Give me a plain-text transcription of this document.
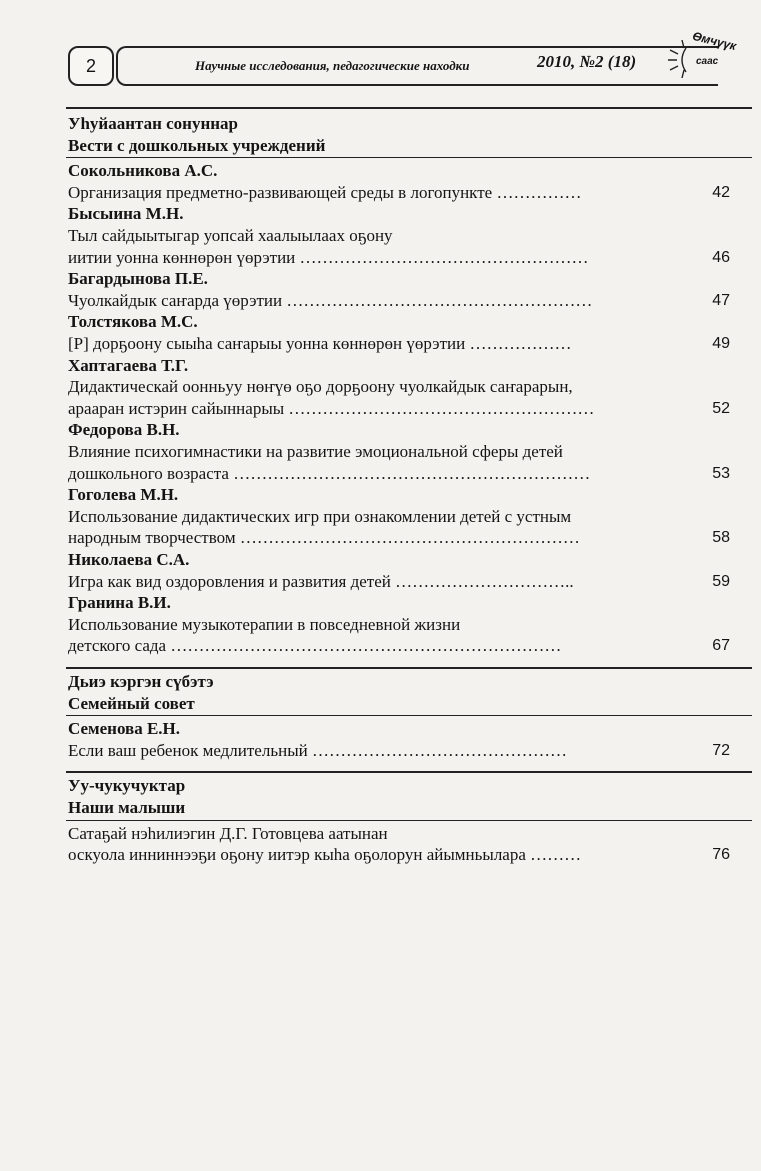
2	Научные исследования, педагогические находки	2010, №2 (18)
Өмчүүк
саас
Уһуйаантан сонуннар
Вести с дошкольных учреждений
Сокольникова А.С.
Организация предметно-развивающей среды в логопункте ……………	42
Бысыина М.Н.
Тыл сайдыытыгар уопсай хаалыылаах оҕону
иитии уонна көннөрөн үөрэтии ……………………………………………	46
Багардынова П.Е.
Чуолкайдык саҥарда үөрэтии ………………………………………………	47
Толстякова М.С.
[Р] дорҕоону сыыһа саҥарыы уонна көннөрөн үөрэтии ………………	49
Хаптагаева Т.Г.
Дидактическай оонньуу нөҥүө оҕо дорҕоону чуолкайдык саҥарарын,
арааран истэрин сайыннарыы ………………………………………………	52
Федорова В.Н.
Влияние психогимнастики на развитие эмоциональной сферы детей
дошкольного возраста ………………………………………………………	53
Гоголева М.Н.
Использование дидактических игр при ознакомлении детей с устным
народным творчеством ……………………………………………………	58
Николаева С.А.
Игра как вид оздоровления и развития детей …………………………..	59
Гранина В.И.
Использование музыкотерапии в повседневной жизни
детского сада ……………………………………………………………	67
Дьиэ кэргэн сүбэтэ
Семейный совет
Семенова Е.Н.
Если ваш ребенок медлительный ………………………………………	72
Уу-чукучуктар
Наши малыши
Сатаҕай нэһилиэгин Д.Г. Готовцева аатынан
оскуола инниннээҕи оҕону иитэр кыһа оҕолорун айымньылара ………	76
